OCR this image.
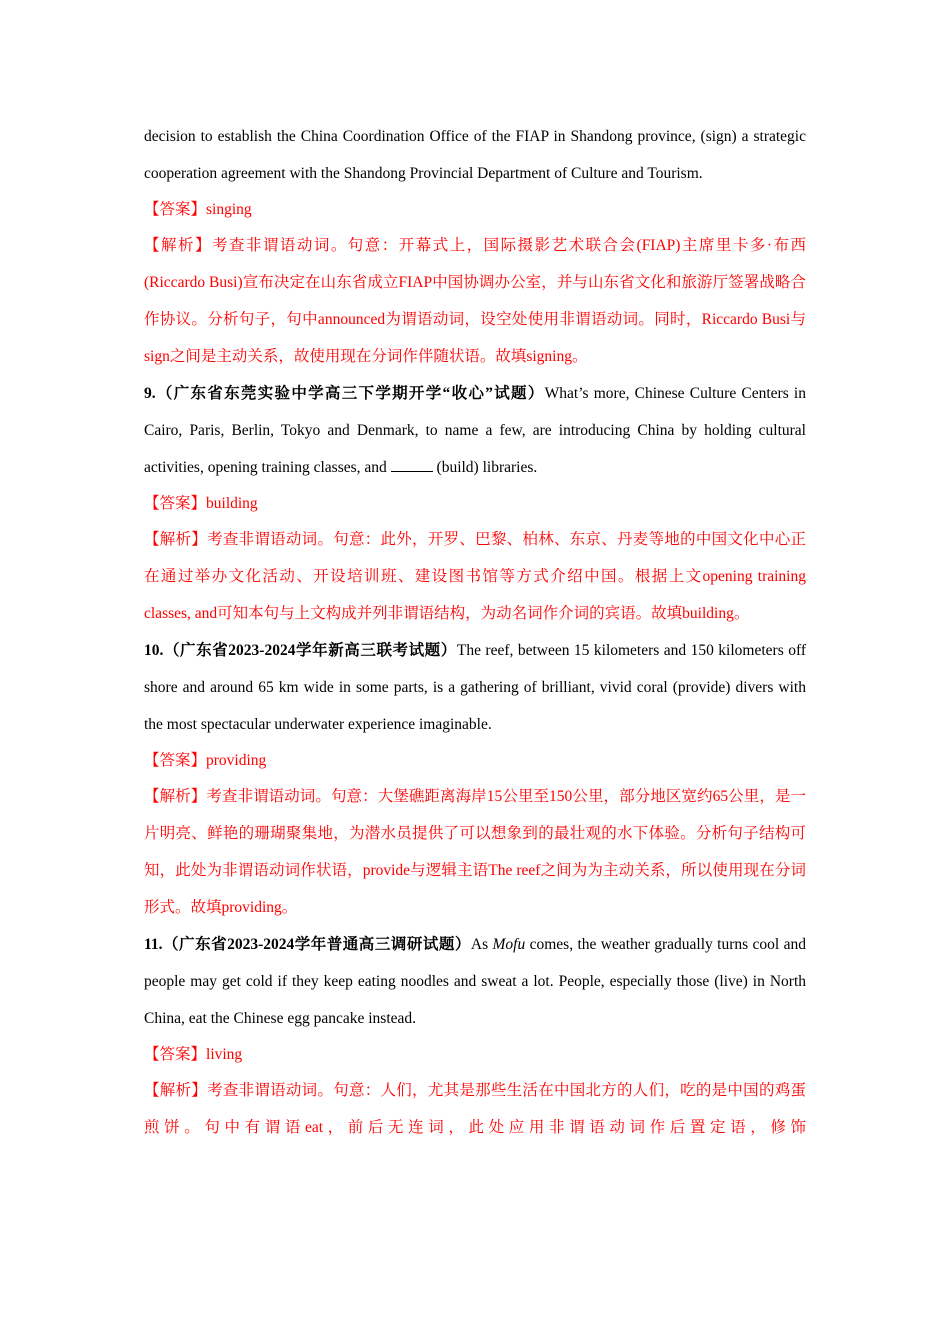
decision to establish the China Coordination Office of the FIAP in Shandong province, (sign) a strategic cooperation agreement with the Shandong Provincial Department of Culture and Tourism.

【答案】singing

【解析】考查非谓语动词。句意：开幕式上，国际摄影艺术联合会(FIAP)主席里卡多·布西(Riccardo Busi)宣布决定在山东省成立FIAP中国协调办公室，并与山东省文化和旅游厅签署战略合作协议。分析句子，句中announced为谓语动词，设空处使用非谓语动词。同时，Riccardo Busi与sign之间是主动关系，故使用现在分词作伴随状语。故填signing。

9.（广东省东莞实验中学高三下学期开学“收心”试题）What’s more, Chinese Culture Centers in Cairo, Paris, Berlin, Tokyo and Denmark, to name a few, are introducing China by holding cultural activities, opening training classes, and	(build) libraries.

【答案】building

【解析】考查非谓语动词。句意：此外，开罗、巴黎、柏林、东京、丹麦等地的中国文化中心正在通过举办文化活动、开设培训班、建设图书馆等方式介绍中国。根据上文opening training classes, and可知本句与上文构成并列非谓语结构，为动名词作介词的宾语。故填building。

10.（广东省2023-2024学年新高三联考试题）The reef, between 15 kilometers and 150 kilometers off shore and around 65 km wide in some parts, is a gathering of brilliant, vivid coral (provide) divers with the most spectacular underwater experience imaginable.

【答案】providing

【解析】考查非谓语动词。句意：大堡礁距离海岸15公里至150公里，部分地区宽约65公里，是一片明亮、鲜艳的珊瑚聚集地，为潜水员提供了可以想象到的最壮观的水下体验。分析句子结构可知，此处为非谓语动词作状语，provide与逻辑主语The reef之间为为主动关系，所以使用现在分词形式。故填providing。

11.（广东省2023-2024学年普通高三调研试题）As Mofu comes, the weather gradually turns cool and people may get cold if they keep eating noodles and sweat a lot. People, especially those (live) in North China, eat the Chinese egg pancake instead.

【答案】living

【解析】考查非谓语动词。句意：人们，尤其是那些生活在中国北方的人们，吃的是中国的鸡蛋煎饼。句中有谓语eat，前后无连词，此处应用非谓语动词作后置定语，修饰
